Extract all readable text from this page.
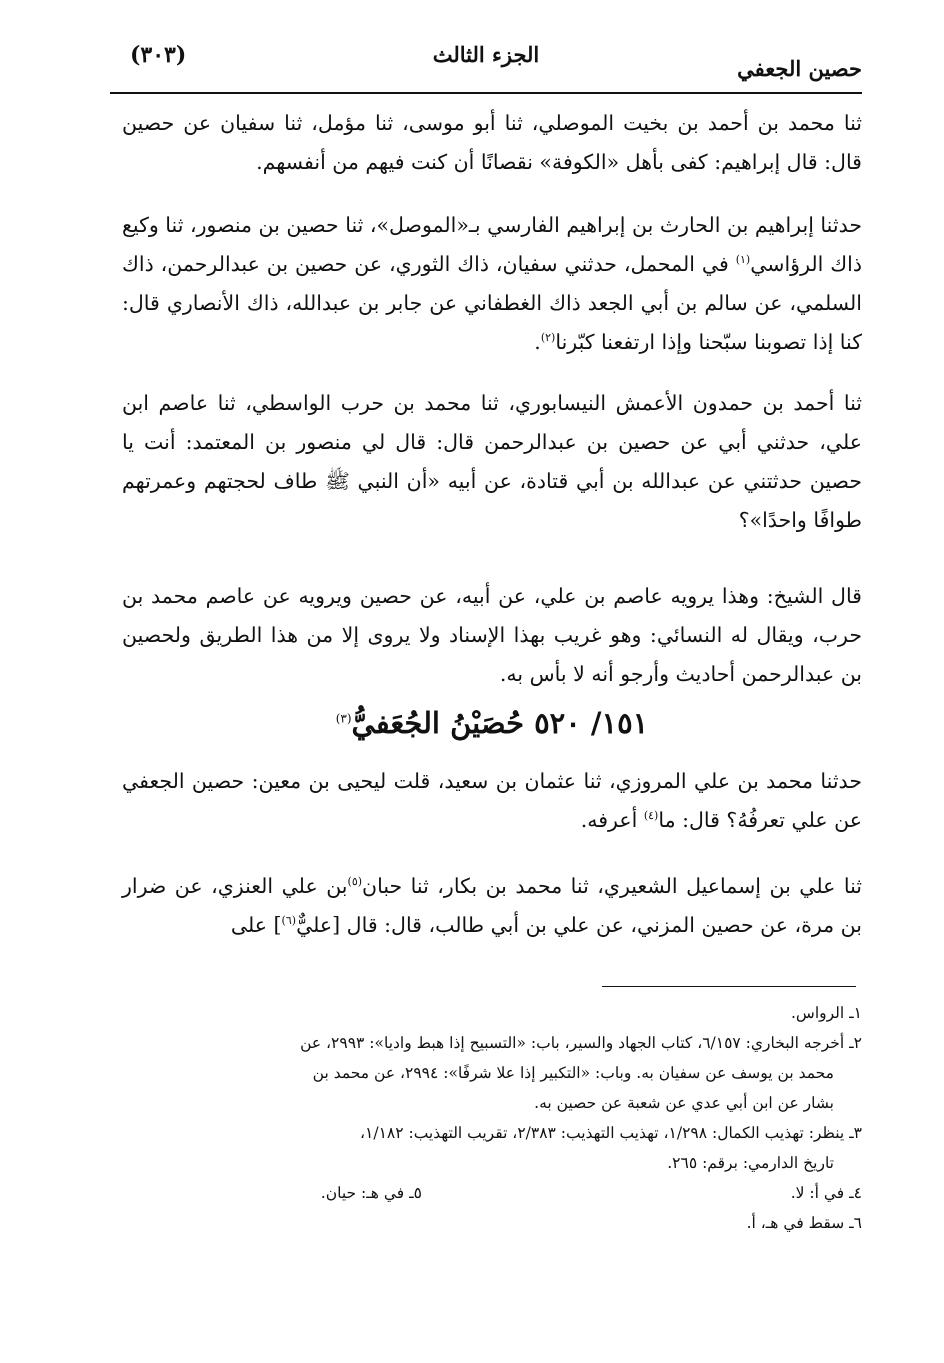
(٣٠٣)	الجزء الثالث
حصين الجعفي

ثنا محمد بن أحمد بن بخيت الموصلي، ثنا أبو موسى، ثنا مؤمل، ثنا سفيان عن حصين قال: قال إبراهيم: كفى بأهل «الكوفة» نقصانًا أن كنت فيهم من أنفسهم.

حدثنا إبراهيم بن الحارث بن إبراهيم الفارسي بـ«الموصل»، ثنا حصين بن منصور، ثنا وكيع ذاك الرؤاسي$^{(١)}$ في المحمل، حدثني سفيان، ذاك الثوري، عن حصين بن عبدالرحمن، ذاك السلمي، عن سالم بن أبي الجعد ذاك الغطفاني عن جابر بن عبدالله، ذاك الأنصاري قال: كنا إذا تصوبنا سبّحنا وإذا ارتفعنا كبّرنا$^{(٢)}$.

ثنا أحمد بن حمدون الأعمش النيسابوري، ثنا محمد بن حرب الواسطي، ثنا عاصم ابن علي، حدثني أبي عن حصين بن عبدالرحمن قال: قال لي منصور بن المعتمد: أنت يا حصين حدثتني عن عبدالله بن أبي قتادة، عن أبيه «أن النبي ﷺ طاف لحجتهم وعمرتهم طوافًا واحدًا»؟

قال الشيخ: وهذا يرويه عاصم بن علي، عن أبيه، عن حصين ويرويه عن عاصم محمد بن حرب، ويقال له النسائي: وهو غريب بهذا الإسناد ولا يروى إلا من هذا الطريق ولحصين بن عبدالرحمن أحاديث وأرجو أنه لا بأس به.

١٥١/ ٥٢٠ حُصَيْنُ الجُعَفيُّ$^{(٣)}$

حدثنا محمد بن علي المروزي، ثنا عثمان بن سعيد، قلت ليحيى بن معين: حصين الجعفي عن علي تعرفُهُ؟ قال: ما$^{(٤)}$ أعرفه.

ثنا علي بن إسماعيل الشعيري، ثنا محمد بن بكار، ثنا حبان$^{(٥)}$بن علي العنزي، عن ضرار بن مرة، عن حصين المزني، عن علي بن أبي طالب، قال: قال [عليٌّ$^{(٦)}$] على

١ـ الرواس.

٢ـ أخرجه البخاري: ٦/١٥٧، كتاب الجهاد والسير، باب: «التسبيح إذا هبط واديا»: ٢٩٩٣، عن

محمد بن يوسف عن سفيان به. وباب: «التكبير إذا علا شرفًا»: ٢٩٩٤، عن محمد بن

بشار عن ابن أبي عدي عن شعبة عن حصين به.

٣ـ ينظر: تهذيب الكمال: ١/٢٩٨، تهذيب التهذيب: ٢/٣٨٣، تقريب التهذيب: ١/١٨٢،

تاريخ الدارمي: برقم: ٢٦٥.

٤ـ في أ: لا.

٥ـ في هـ: حيان.

٦ـ سقط في هـ، أ.
